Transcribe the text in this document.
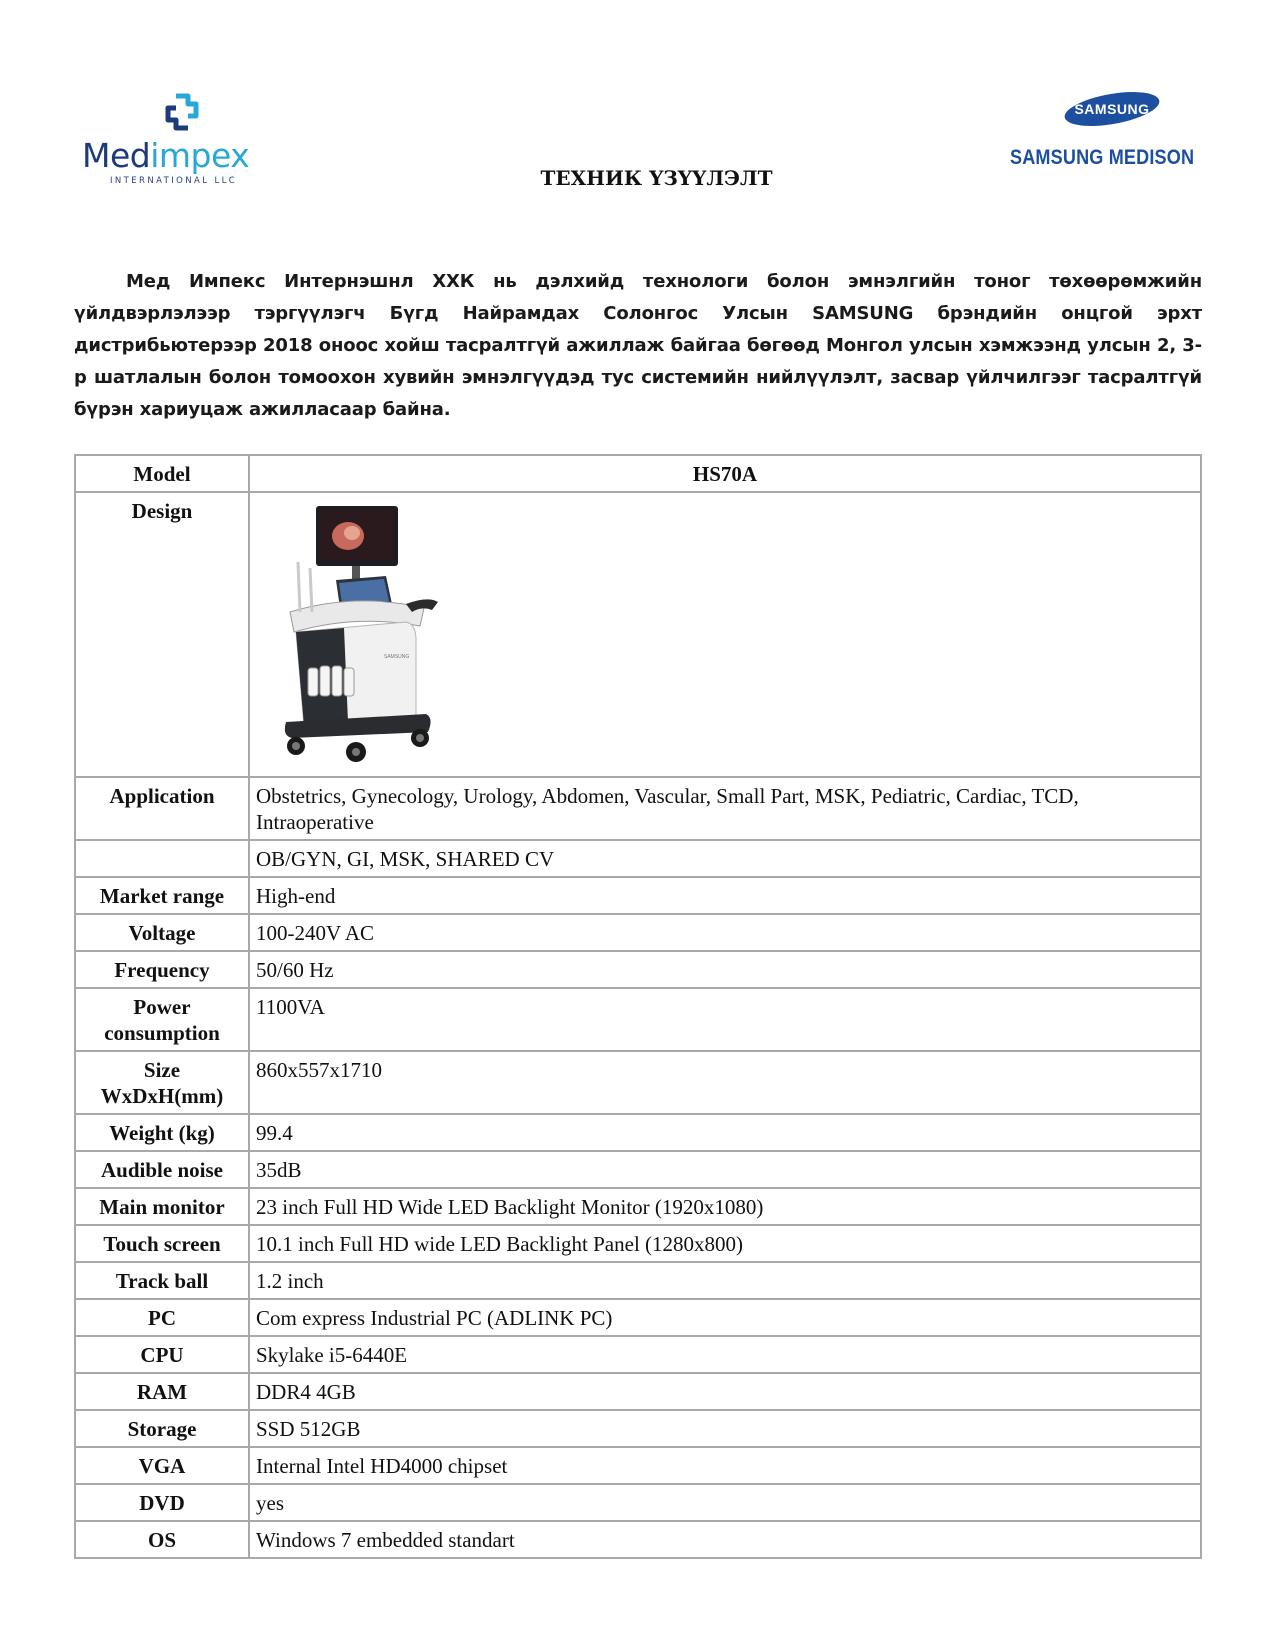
Medimpex
INTERNATIONAL LLC
SAMSUNG
SAMSUNG MEDISON
ТЕХНИК ҮЗҮҮЛЭЛТ

Мед Импекс Интернэшнл ХХК нь дэлхийд технологи болон эмнэлгийн тоног төхөөрөмжийн үйлдвэрлэлээр тэргүүлэгч Бүгд Найрамдах Солонгос Улсын SAMSUNG брэндийн онцгой эрхт дистрибьютерээр 2018 оноос хойш тасралтгүй ажиллаж байгаа бөгөөд Монгол улсын хэмжээнд улсын 2, 3-р шатлалын болон томоохон хувийн эмнэлгүүдэд тус системийн нийлүүлэлт, засвар үйлчилгээг тасралтгүй бүрэн хариуцаж ажилласаар байна.

Model	HS70A
Design	SAMSUNG

Application	Obstetrics, Gynecology, Urology, Abdomen, Vascular, Small Part, MSK, Pediatric, Cardiac, TCD, Intraoperative
	OB/GYN, GI, MSK, SHARED CV
Market range	High-end
Voltage	100-240V AC
Frequency	50/60 Hz
Power consumption	1100VA
Size WxDxH(mm)	860x557x1710
Weight (kg)	99.4
Audible noise	35dB
Main monitor	23 inch Full HD Wide LED Backlight Monitor (1920x1080)
Touch screen	10.1 inch Full HD wide LED Backlight Panel (1280x800)
Track ball	1.2 inch
PC	Com express Industrial PC (ADLINK PC)
CPU	Skylake i5-6440E
RAM	DDR4 4GB
Storage	SSD 512GB
VGA	Internal Intel HD4000 chipset
DVD	yes
OS	Windows 7 embedded standart
